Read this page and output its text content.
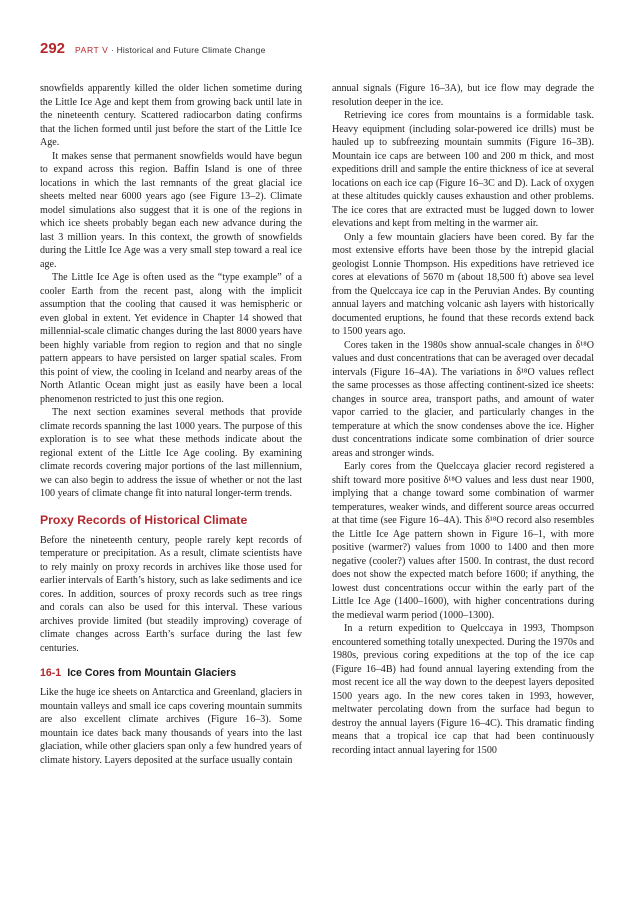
292 PART V · Historical and Future Climate Change

snowfields apparently killed the older lichen sometime during the Little Ice Age and kept them from growing back until late in the nineteenth century. Scattered radiocarbon dating confirms that the lichen formed until just before the start of the Little Ice Age.

It makes sense that permanent snowfields would have begun to expand across this region. Baffin Island is one of three locations in which the last remnants of the great glacial ice sheets melted near 6000 years ago (see Figure 13–2). Climate model simulations also suggest that it is one of the regions in which ice sheets probably began each new advance during the last 3 million years. In this context, the growth of snowfields during the Little Ice Age was a very small step toward a real ice age.

The Little Ice Age is often used as the “type example” of a cooler Earth from the recent past, along with the implicit assumption that the cooling that caused it was hemispheric or even global in extent. Yet evidence in Chapter 14 showed that millennial-scale climatic changes during the last 8000 years have been highly variable from region to region and that no single pattern appears to have persisted on larger spatial scales. From this point of view, the cooling in Iceland and nearby areas of the North Atlantic Ocean might just as easily have been a local phenomenon restricted to just this one region.

The next section examines several methods that provide climate records spanning the last 1000 years. The purpose of this exploration is to see what these methods indicate about the regional extent of the Little Ice Age cooling. By examining climate records covering major portions of the last millennium, we can also begin to address the issue of whether or not the last 100 years of climate change fit into natural longer-term trends.

Proxy Records of Historical Climate

Before the nineteenth century, people rarely kept records of temperature or precipitation. As a result, climate scientists have to rely mainly on proxy records in archives like those used for earlier intervals of Earth’s history, such as lake sediments and ice cores. In addition, sources of proxy records such as tree rings and corals can also be used for this interval. These various archives provide limited (but steadily improving) coverage of climate changes across Earth’s surface during the last few centuries.

16-1 Ice Cores from Mountain Glaciers

Like the huge ice sheets on Antarctica and Greenland, glaciers in mountain valleys and small ice caps covering mountain summits are also excellent climate archives (Figure 16–3). Some mountain ice dates back many thousands of years into the last glaciation, while other glaciers span only a few hundred years of climate history. Layers deposited at the surface usually contain

annual signals (Figure 16–3A), but ice flow may degrade the resolution deeper in the ice.

Retrieving ice cores from mountains is a formidable task. Heavy equipment (including solar-powered ice drills) must be hauled up to subfreezing mountain summits (Figure 16–3B). Mountain ice caps are between 100 and 200 m thick, and most expeditions drill and sample the entire thickness of ice at several locations on each ice cap (Figure 16–3C and D). Lack of oxygen at these altitudes quickly causes exhaustion and other problems. The ice cores that are extracted must be lugged down to lower elevations and kept from melting in the warmer air.

Only a few mountain glaciers have been cored. By far the most extensive efforts have been those by the intrepid glacial geologist Lonnie Thompson. His expeditions have retrieved ice cores at elevations of 5670 m (about 18,500 ft) above sea level from the Quelccaya ice cap in the Peruvian Andes. By counting annual layers and matching volcanic ash layers with historically documented eruptions, he found that these records extend back to 1500 years ago.

Cores taken in the 1980s show annual-scale changes in δ¹⁸O values and dust concentrations that can be averaged over decadal intervals (Figure 16–4A). The variations in δ¹⁸O values reflect the same processes as those affecting continent-sized ice sheets: changes in source area, transport paths, and amount of water vapor carried to the glacier, and particularly changes in the temperature at which the snow condenses above the ice. Higher dust concentrations indicate some combination of drier source areas and stronger winds.

Early cores from the Quelccaya glacier record registered a shift toward more positive δ¹⁸O values and less dust near 1900, implying that a change toward some combination of warmer temperatures, weaker winds, and different source areas occurred at that time (see Figure 16–4A). This δ¹⁸O record also resembles the Little Ice Age pattern shown in Figure 16–1, with more positive (warmer?) values from 1000 to 1400 and then more negative (cooler?) values after 1500. In contrast, the dust record does not show the expected match before 1600; if anything, the lowest dust concentrations occur within the early part of the Little Ice Age (1400–1600), with higher concentrations during the medieval warm period (1000–1300).

In a return expedition to Quelccaya in 1993, Thompson encountered something totally unexpected. During the 1970s and 1980s, previous coring expeditions at the top of the ice cap (Figure 16–4B) had found annual layering extending from the most recent ice all the way down to the deepest layers deposited 1500 years ago. In the new cores taken in 1993, however, meltwater percolating down from the surface had begun to destroy the annual layers (Figure 16–4C). This dramatic finding means that a tropical ice cap that had been continuously recording intact annual layering for 1500
